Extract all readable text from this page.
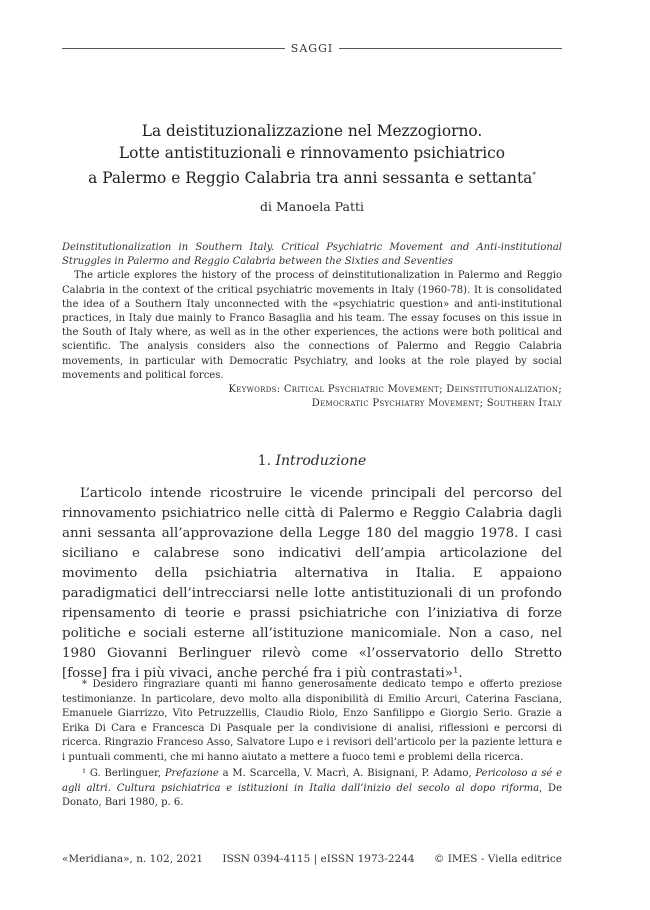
SAGGI
La deistituzionalizzazione nel Mezzogiorno.
Lotte antistituzionali e rinnovamento psichiatrico
a Palermo e Reggio Calabria tra anni sessanta e settanta*
di Manoela Patti

Deinstitutionalization in Southern Italy. Critical Psychiatric Movement and Anti-institutional Struggles in Palermo and Reggio Calabria between the Sixties and Seventies

The article explores the history of the process of deinstitutionalization in Palermo and Reggio Calabria in the context of the critical psychiatric movements in Italy (1960-78). It is consolidated the idea of a Southern Italy unconnected with the «psychiatric question» and anti-institutional practices, in Italy due mainly to Franco Basaglia and his team. The essay focuses on this issue in the South of Italy where, as well as in the other experiences, the actions were both political and scientific. The analysis considers also the connections of Palermo and Reggio Calabria movements, in particular with Democratic Psychiatry, and looks at the role played by social movements and political forces.

Keywords: Critical Psychiatric Movement; Deinstitutionalization;
Democratic Psychiatry Movement; Southern Italy

1. Introduzione

L’articolo intende ricostruire le vicende principali del percorso del rinnovamento psichiatrico nelle città di Palermo e Reggio Calabria dagli anni sessanta all’approvazione della Legge 180 del maggio 1978. I casi siciliano e calabrese sono indicativi dell’ampia articolazione del movimento della psichiatria alternativa in Italia. E appaiono paradigmatici dell’intrecciarsi nelle lotte antistituzionali di un profondo ripensamento di teorie e prassi psichiatriche con l’iniziativa di forze politiche e sociali esterne all’istituzione manicomiale. Non a caso, nel 1980 Giovanni Berlinguer rilevò come «l’osservatorio dello Stretto [fosse] fra i più vivaci, anche perché fra i più contrastati»¹.

* Desidero ringraziare quanti mi hanno generosamente dedicato tempo e offerto preziose testimonianze. In particolare, devo molto alla disponibilità di Emilio Arcuri, Caterina Fasciana, Emanuele Giarrizzo, Vito Petruzzellis, Claudio Riolo, Enzo Sanfilippo e Giorgio Serio. Grazie a Erika Di Cara e Francesca Di Pasquale per la condivisione di analisi, riflessioni e percorsi di ricerca. Ringrazio Franceso Asso, Salvatore Lupo e i revisori dell’articolo per la paziente lettura e i puntuali commenti, che mi hanno aiutato a mettere a fuoco temi e problemi della ricerca.

¹ G. Berlinguer, Prefazione a M. Scarcella, V. Macrì, A. Bisignani, P. Adamo, Pericoloso a sé e agli altri. Cultura psichiatrica e istituzioni in Italia dall’inizio del secolo al dopo riforma, De Donato, Bari 1980, p. 6.

«Meridiana», n. 102, 2021 ISSN 0394-4115 | eISSN 1973-2244 © IMES - Viella editrice
